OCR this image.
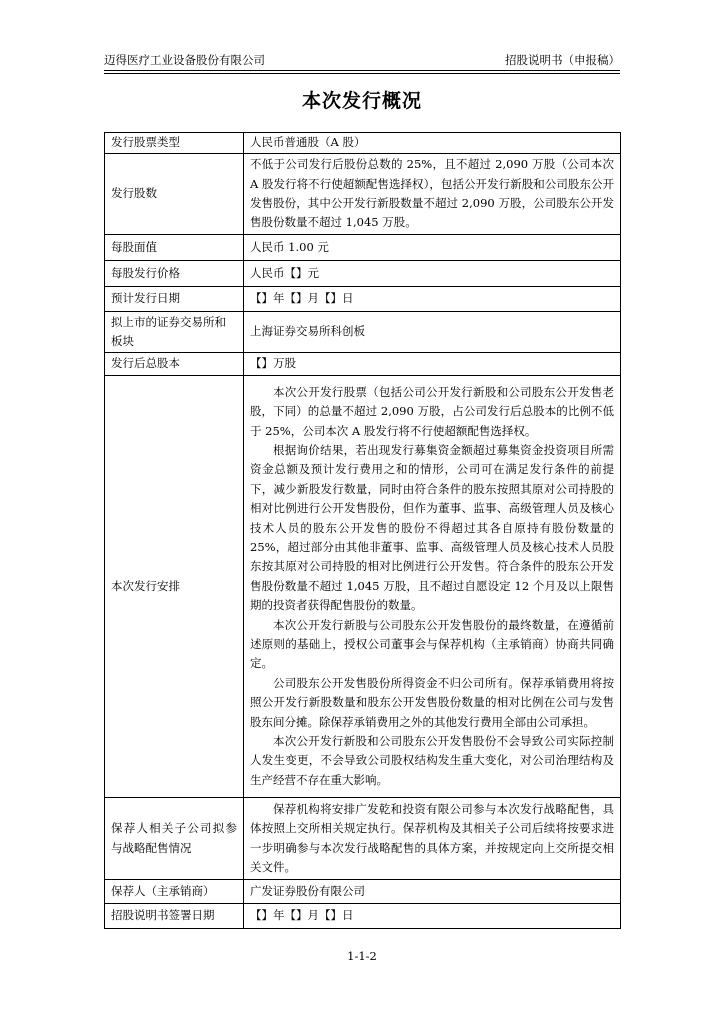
迈得医疗工业设备股份有限公司	招股说明书（申报稿）
本次发行概况
发行股票类型	人民币普通股（A 股）
发行股数	不低于公司发行后股份总数的 25%，且不超过 2,090 万股（公司本次 A 股发行将不行使超额配售选择权），包括公开发行新股和公司股东公开发售股份，其中公开发行新股数量不超过 2,090 万股，公司股东公开发售股份数量不超过 1,045 万股。
每股面值	人民币 1.00 元
每股发行价格	人民币【】元
预计发行日期	【】年【】月【】日
拟上市的证券交易所和板块	上海证券交易所科创板
发行后总股本	【】万股
本次发行安排	本次公开发行股票（包括公司公开发行新股和公司股东公开发售老股，下同）的总量不超过 2,090 万股，占公司发行后总股本的比例不低于 25%，公司本次 A 股发行将不行使超额配售选择权。

根据询价结果，若出现发行募集资金额超过募集资金投资项目所需资金总额及预计发行费用之和的情形，公司可在满足发行条件的前提下，减少新股发行数量，同时由符合条件的股东按照其原对公司持股的相对比例进行公开发售股份，但作为董事、监事、高级管理人员及核心技术人员的股东公开发售的股份不得超过其各自原持有股份数量的 25%，超过部分由其他非董事、监事、高级管理人员及核心技术人员股东按其原对公司持股的相对比例进行公开发售。符合条件的股东公开发售股份数量不超过 1,045 万股，且不超过自愿设定 12 个月及以上限售期的投资者获得配售股份的数量。

本次公开发行新股与公司股东公开发售股份的最终数量，在遵循前述原则的基础上，授权公司董事会与保荐机构（主承销商）协商共同确定。

公司股东公开发售股份所得资金不归公司所有。保荐承销费用将按照公开发行新股数量和股东公开发售股份数量的相对比例在公司与发售股东间分摊。除保荐承销费用之外的其他发行费用全部由公司承担。

本次公开发行新股和公司股东公开发售股份不会导致公司实际控制人发生变更，不会导致公司股权结构发生重大变化，对公司治理结构及生产经营不存在重大影响。

保荐人相关子公司拟参与战略配售情况	保荐机构将安排广发乾和投资有限公司参与本次发行战略配售，具体按照上交所相关规定执行。保荐机构及其相关子公司后续将按要求进一步明确参与本次发行战略配售的具体方案，并按规定向上交所提交相关文件。

保荐人（主承销商）	广发证券股份有限公司
招股说明书签署日期	【】年【】月【】日
1-1-2
